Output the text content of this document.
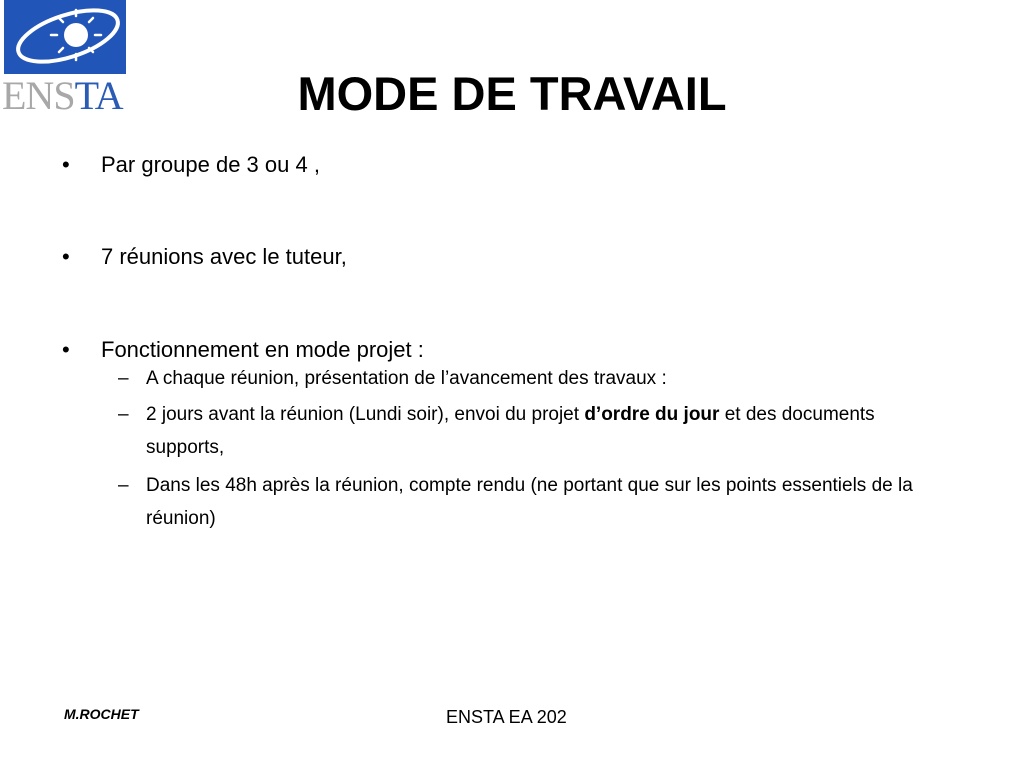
ENSTA	MODE DE TRAVAIL
• Par groupe de 3 ou 4 ,
• 7 réunions avec le tuteur,
• Fonctionnement en mode projet :
– A chaque réunion, présentation de l’avancement des travaux :
– 2 jours avant la réunion (Lundi soir), envoi du projet d’ordre du jour et des documents supports,
– Dans les 48h après la réunion, compte rendu (ne portant que sur les points essentiels de la réunion)
M.ROCHET	ENSTA EA 202
